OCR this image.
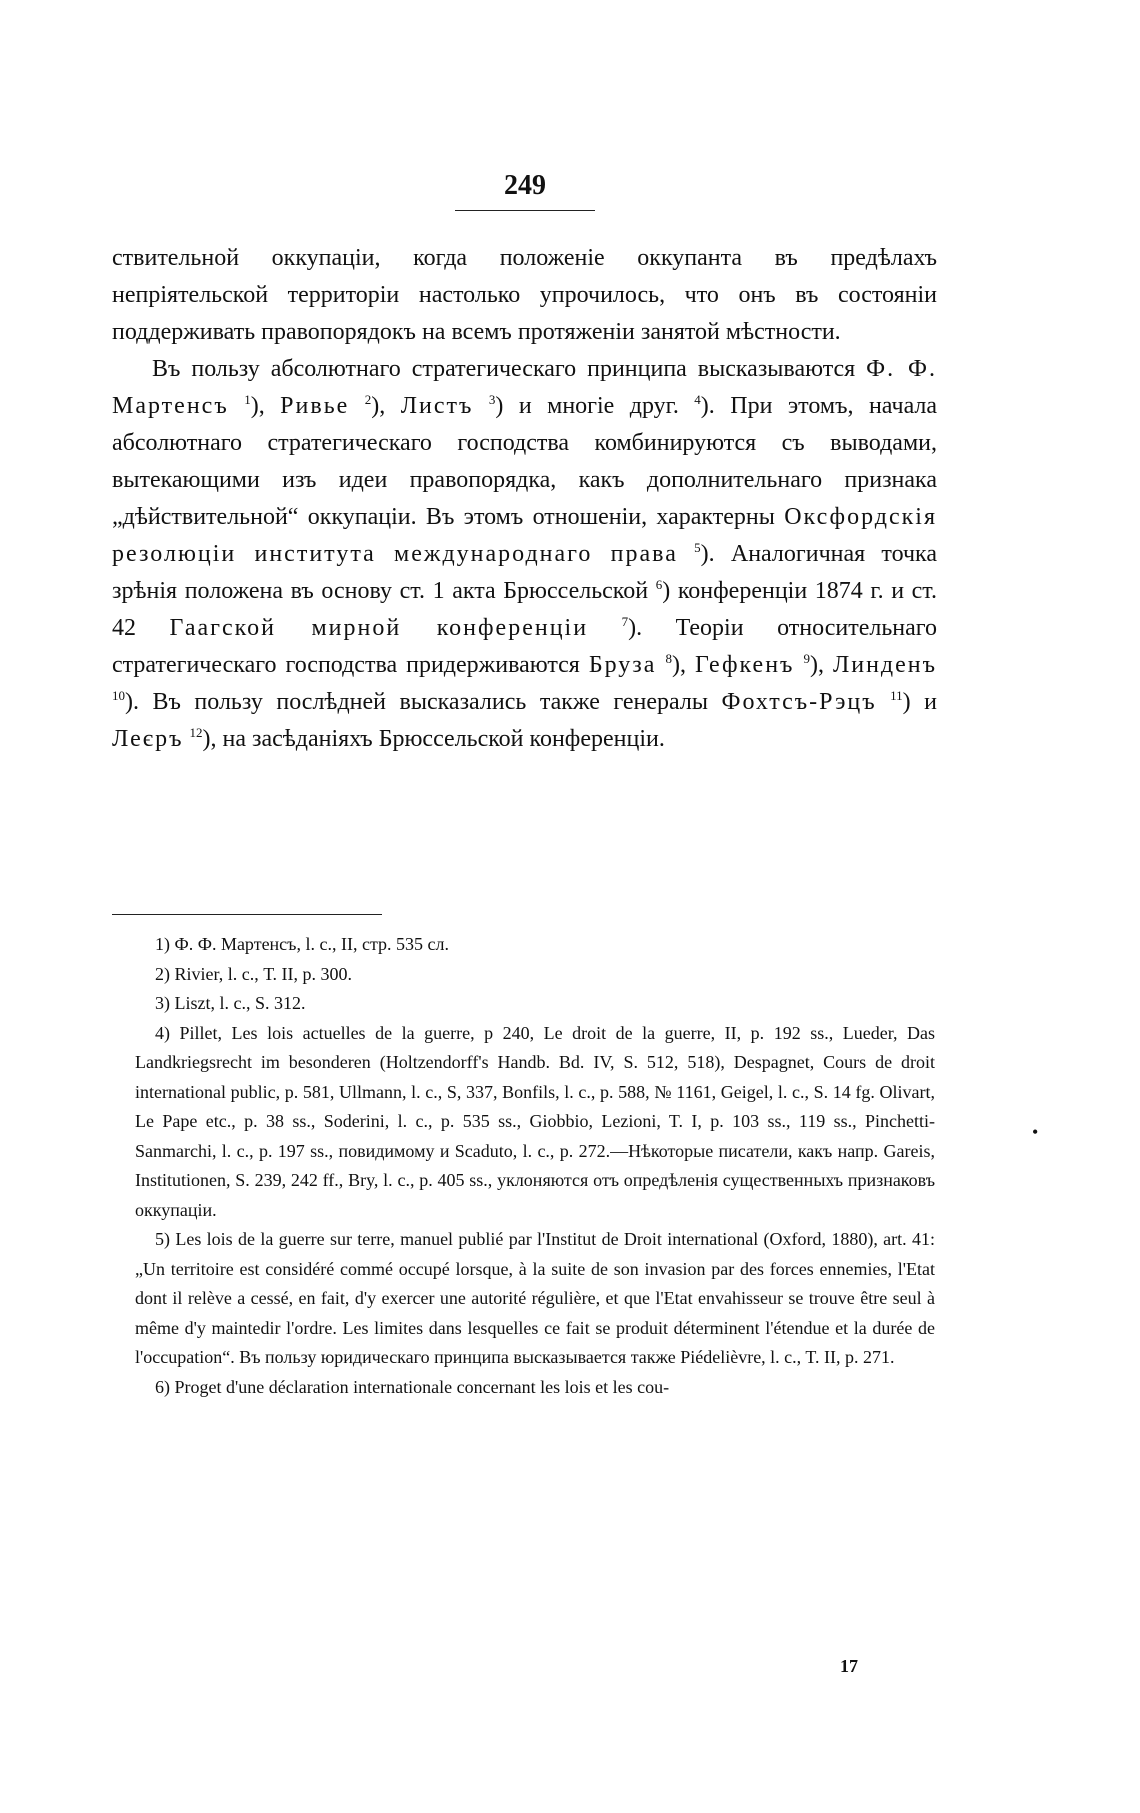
249

ствительной оккупаціи, когда положеніе оккупанта въ предѣлахъ непріятельской территоріи настолько упрочилось, что онъ въ состояніи поддерживать правопорядокъ на всемъ протяженіи занятой мѣстности.

Въ пользу абсолютнаго стратегическаго принципа высказываются Ф. Ф. Мартенсъ $^1$), Ривье $^2$), Листъ $^3$) и многіе друг. $^4$). При этомъ, начала абсолютнаго стратегическаго господства комбинируются съ выводами, вытекающими изъ идеи правопорядка, какъ дополнительнаго признака „дѣйствительной“ оккупаціи. Въ этомъ отношеніи, характерны Оксфордскія резолюціи института международнаго права $^5$). Аналогичная точка зрѣнія положена въ основу ст. 1 акта Брюссельской $^6$) конференціи 1874 г. и ст. 42 Гаагской мирной конференціи	$^7$). Теоріи относительнаго стратегическаго господства придерживаются Бруза $^8$), Гефкенъ $^9$), Линденъ $^{10}$). Въ пользу послѣдней высказались также генералы Фохтсъ-Рэцъ $^{11}$) и Леєръ $^{12}$), на засѣданіяхъ Брюссельской конференціи.

1) Ф. Ф. Мартенсъ, l. c., II, стр. 535 сл.

2) Rivier, l. c., Т. II, p. 300.

3) Liszt, l. c., S. 312.

4) Pillet, Les lois actuelles de la guerre, p 240, Le droit de la guerre, II, p. 192 ss., Lueder, Das Landkriegsrecht im besonderen (Holtzendorff's Handb. Bd. IV, S. 512, 518), Despagnet, Cours de droit international public, p. 581, Ullmann, l. c., S, 337, Bonfils, l. c., p. 588, № 1161, Geigel, l. c., S. 14 fg. Olivart, Le Pape etc., p. 38 ss., Soderini, l. c., p. 535 ss., Giobbio, Lezioni, T. I, p. 103 ss., 119 ss., Pinchetti-Sanmarchi, l. c., p. 197 ss., повидимому и Scaduto, l. c., p. 272.—Нѣкоторые писатели, какъ напр. Gareis, Institutionen, S. 239, 242 ff., Bry, l. c., p. 405 ss., уклоняются отъ опредѣленія существенныхъ признаковъ оккупаціи.

5) Les lois de la guerre sur terre, manuel publié par l'Institut de Droit international (Oxford, 1880), art. 41: „Un territoire est considéré commé occupé lorsque, à la suite de son invasion par des forces ennemies, l'Etat dont il relève a cessé, en fait, d'y exercer une autorité régulière, et que l'Etat envahisseur se trouve être seul à même d'y maintedir l'ordre. Les limites dans lesquelles ce fait se produit déterminent l'étendue et la durée de l'occupation“. Въ пользу юридическаго принципа высказывается также Piédelièvre, l. c., T. II, p. 271.

6) Proget d'une déclaration internationale concernant les lois et les cou-

•
17
